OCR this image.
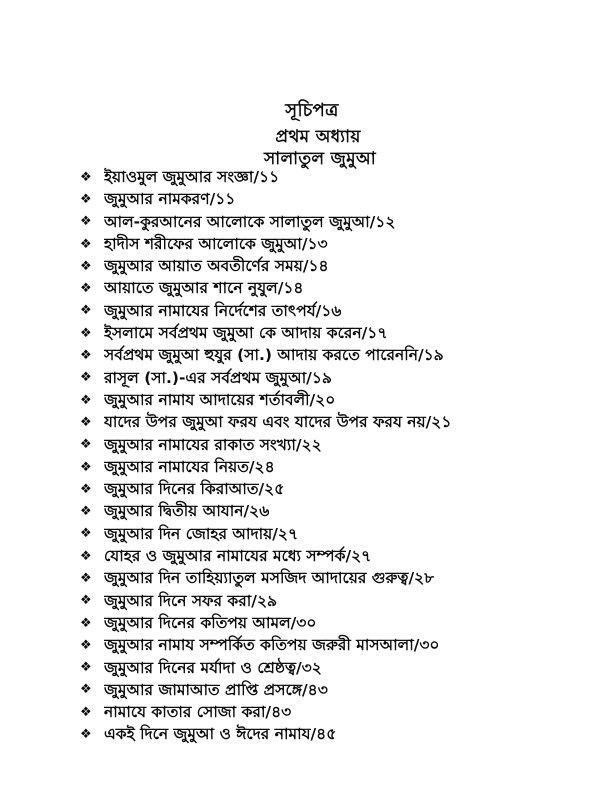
সূচিপত্র
প্রথম অধ্যায়
সালাতুল জুমুআ
❖ ইয়াওমুল জুমুআর সংজ্ঞা/১১
❖ জুমুআর নামকরণ/১১
❖ আল-কুরআনের আলোকে সালাতুল জুমুআ/১২
❖ হাদীস শরীফের আলোকে জুমুআ/১৩
❖ জুমুআর আয়াত অবতীর্ণের সময়/১৪
❖ আয়াতে জুমুআর শানে নুযুল/১৪
❖ জুমুআর নামাযের নির্দেশের তাৎপর্য/১৬
❖ ইসলামে সর্বপ্রথম জুমুআ কে আদায় করেন/১৭
❖ সর্বপ্রথম জুমুআ হুযুর (সা.) আদায় করতে পারেননি/১৯
❖ রাসূল (সা.)-এর সর্বপ্রথম জুমুআ/১৯
❖ জুমুআর নামায আদায়ের শর্তাবলী/২০
❖ যাদের উপর জুমুআ ফরয এবং যাদের উপর ফরয নয়/২১
❖ জুমুআর নামাযের রাকাত সংখ্যা/২২
❖ জুমুআর নামাযের নিয়ত/২৪
❖ জুমুআর দিনের কিরাআত/২৫
❖ জুমুআর দ্বিতীয় আযান/২৬
❖ জুমুআর দিন জোহর আদায়/২৭
❖ যোহর ও জুমুআর নামাযের মধ্যে সম্পর্ক/২৭
❖ জুমুআর দিন তাহিয়্যাতুল মসজিদ আদায়ের গুরুত্ব/২৮
❖ জুমুআর দিনে সফর করা/২৯
❖ জুমুআর দিনের কতিপয় আমল/৩০
❖ জুমুআর নামায সম্পর্কিত কতিপয় জরুরী মাসআলা/৩০
❖ জুমুআর দিনের মর্যাদা ও শ্রেষ্ঠত্ব/৩২
❖ জুমুআর জামাআত প্রাপ্তি প্রসঙ্গে/৪৩
❖ নামাযে কাতার সোজা করা/৪৩
❖ একই দিনে জুমুআ ও ঈদের নামায/৪৫
